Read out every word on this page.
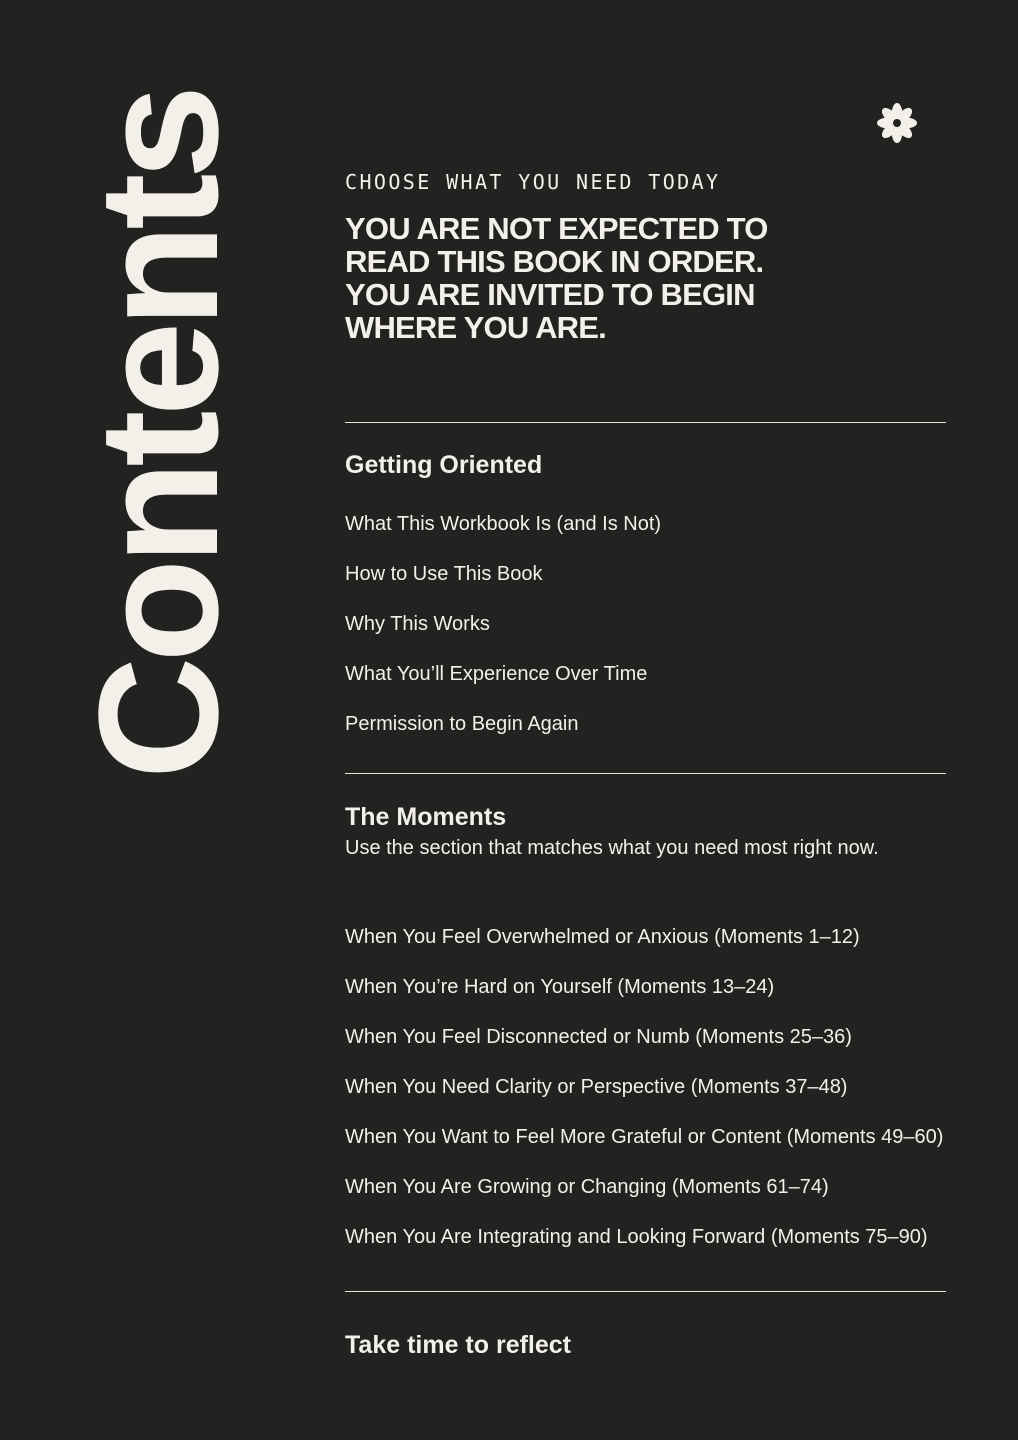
Contents	CHOOSE WHAT YOU NEED TODAY
YOU ARE NOT EXPECTED TO
READ THIS BOOK IN ORDER.
YOU ARE INVITED TO BEGIN
WHERE YOU ARE.
Getting Oriented
What This Workbook Is (and Is Not)
How to Use This Book
Why This Works
What You’ll Experience Over Time
Permission to Begin Again
The Moments
Use the section that matches what you need most right now.
When You Feel Overwhelmed or Anxious (Moments 1–12)
When You’re Hard on Yourself (Moments 13–24)
When You Feel Disconnected or Numb (Moments 25–36)
When You Need Clarity or Perspective (Moments 37–48)
When You Want to Feel More Grateful or Content (Moments 49–60)
When You Are Growing or Changing (Moments 61–74)
When You Are Integrating and Looking Forward (Moments 75–90)
Take time to reflect
